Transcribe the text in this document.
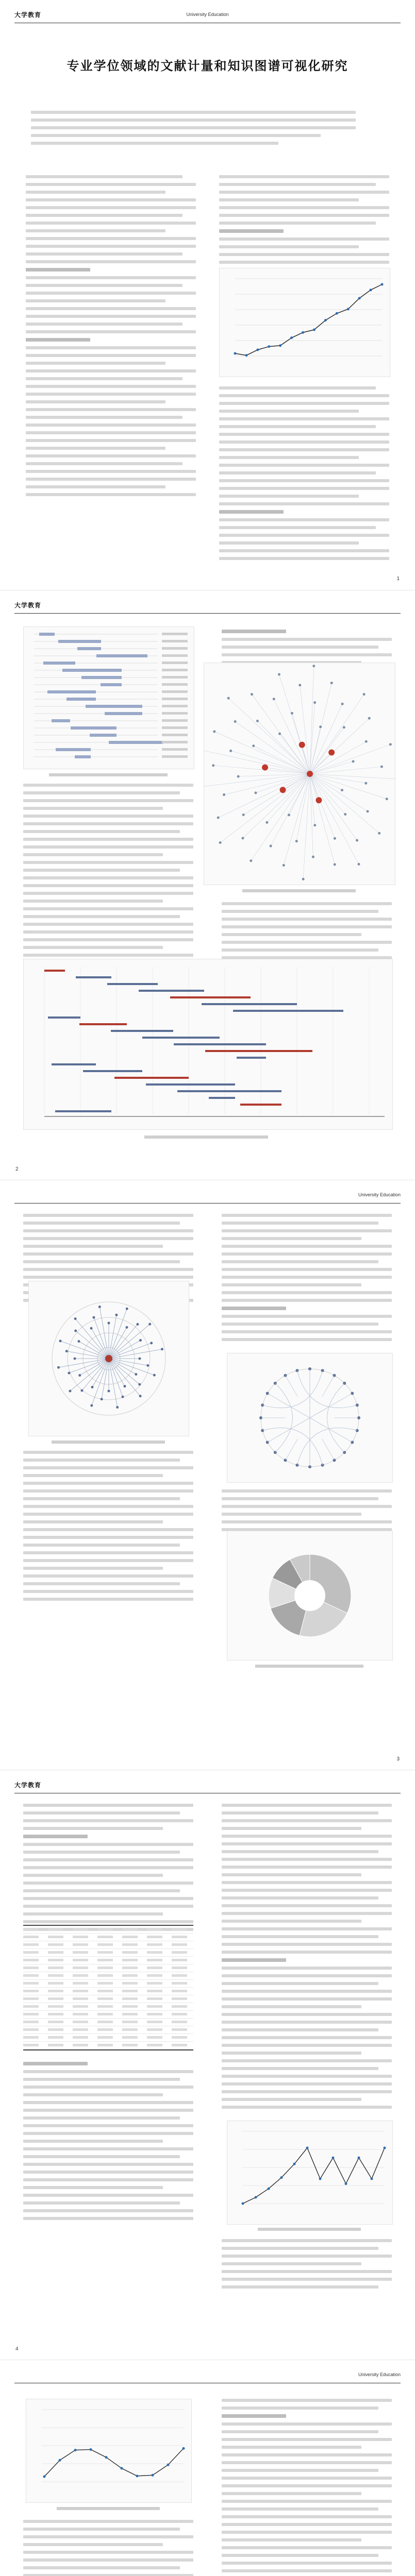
大学教育	University Education
专业学位领域的文献计量和知识图谱可视化研究
1
大学教育
2
University Education
3
大学教育
4
University Education
